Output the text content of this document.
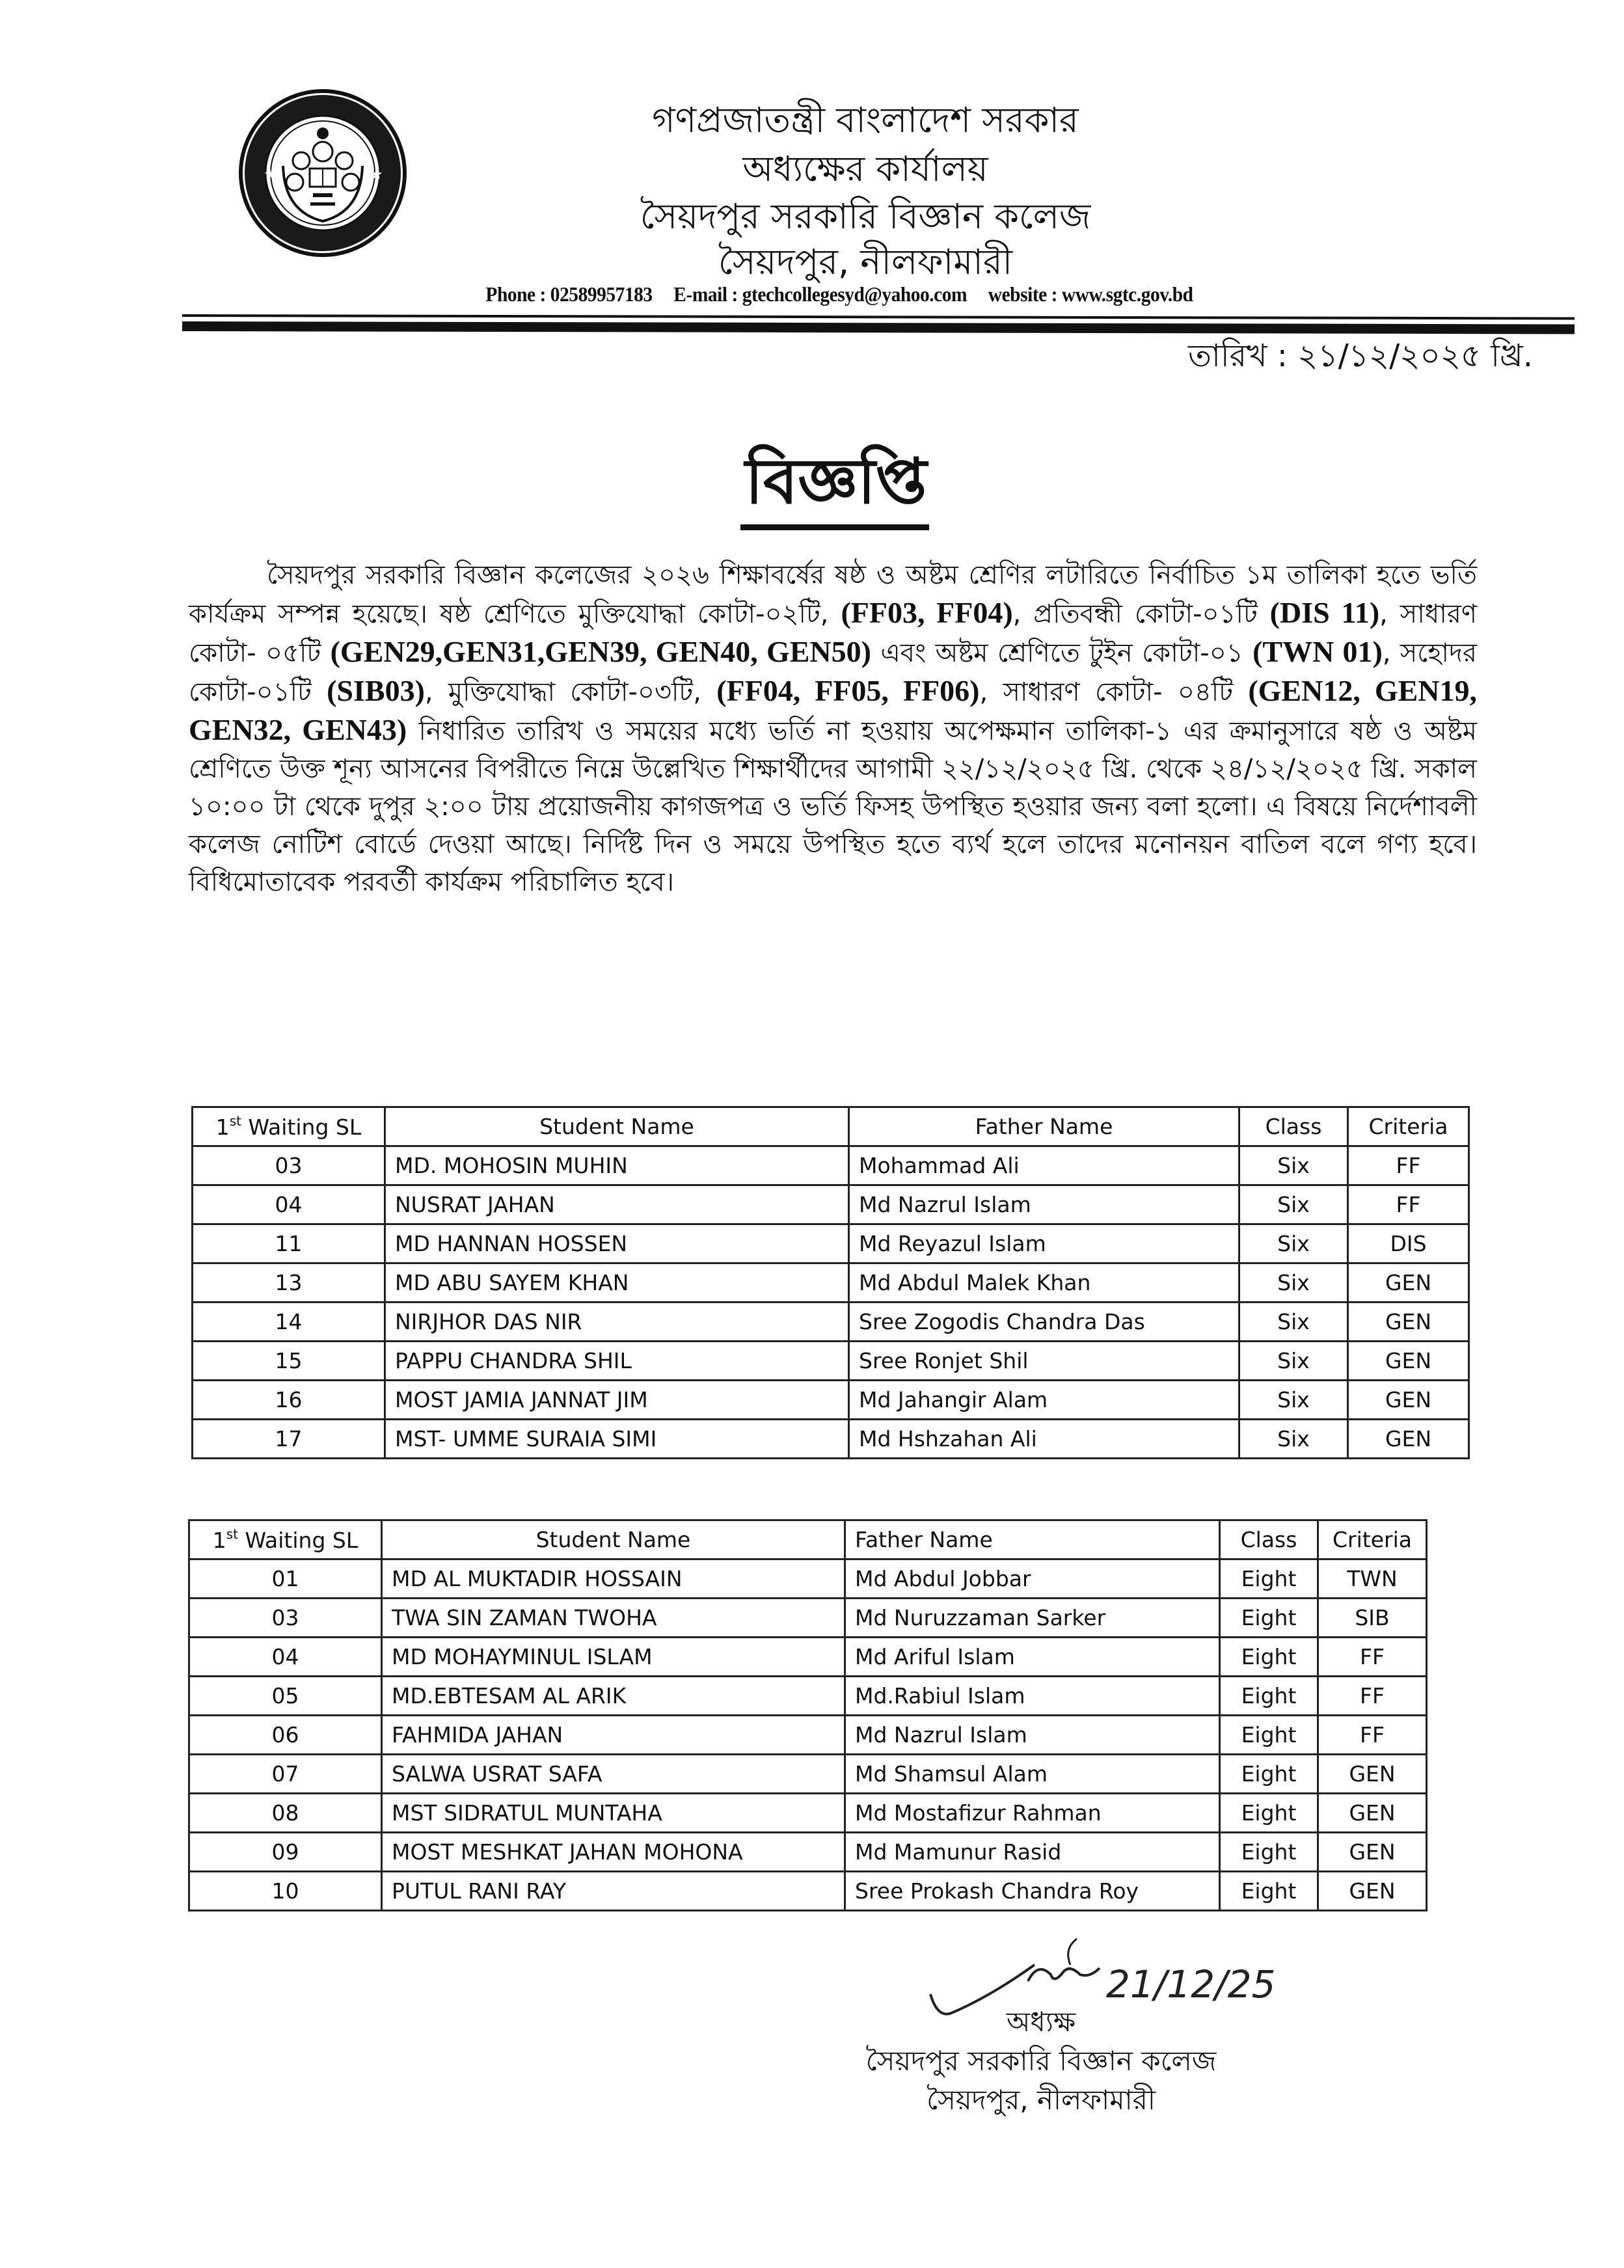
★	★
গণপ্রজাতন্ত্রী বাংলাদেশ সরকার
অধ্যক্ষের কার্যালয়
সৈয়দপুর সরকারি বিজ্ঞান কলেজ
সৈয়দপুর, নীলফামারী
Phone : 02589957183 E-mail : gtechcollegesyd@yahoo.com website : www.sgtc.gov.bd
তারিখ : ২১/১২/২০২৫ খ্রি.
বিজ্ঞপ্তি
সৈয়দপুর সরকারি বিজ্ঞান কলেজের ২০২৬ শিক্ষাবর্ষের ষষ্ঠ ও অষ্টম শ্রেণির লটারিতে নির্বাচিত ১ম তালিকা হতে ভর্তি কার্যক্রম সম্পন্ন হয়েছে। ষষ্ঠ শ্রেণিতে মুক্তিযোদ্ধা কোটা-০২টি, (FF03, FF04), প্রতিবন্ধী কোটা-০১টি (DIS 11), সাধারণ কোটা- ০৫টি (GEN29,GEN31,GEN39, GEN40, GEN50) এবং অষ্টম শ্রেণিতে টুইন কোটা-০১ (TWN 01), সহোদর কোটা-০১টি (SIB03), মুক্তিযোদ্ধা কোটা-০৩টি, (FF04, FF05, FF06), সাধারণ কোটা- ০৪টি (GEN12, GEN19, GEN32, GEN43) নিধারিত তারিখ ও সময়ের মধ্যে ভর্তি না হওয়ায় অপেক্ষমান তালিকা-১ এর ক্রমানুসারে ষষ্ঠ ও অষ্টম শ্রেণিতে উক্ত শূন্য আসনের বিপরীতে নিম্নে উল্লেখিত শিক্ষার্থীদের আগামী ২২/১২/২০২৫ খ্রি. থেকে ২৪/১২/২০২৫ খ্রি. সকাল ১০:০০ টা থেকে দুপুর ২:০০ টায় প্রয়োজনীয় কাগজপত্র ও ভর্তি ফিসহ উপস্থিত হওয়ার জন্য বলা হলো। এ বিষয়ে নির্দেশাবলী কলেজ নোটিশ বোর্ডে দেওয়া আছে। নির্দিষ্ট দিন ও সময়ে উপস্থিত হতে ব্যর্থ হলে তাদের মনোনয়ন বাতিল বলে গণ্য হবে। বিধিমোতাবেক পরবর্তী কার্যক্রম পরিচালিত হবে।
1st Waiting SL	Student Name	Father Name	Class	Criteria
03	MD. MOHOSIN MUHIN	Mohammad Ali	Six	FF
04	NUSRAT JAHAN	Md Nazrul Islam	Six	FF
11	MD HANNAN HOSSEN	Md Reyazul Islam	Six	DIS
13	MD ABU SAYEM KHAN	Md Abdul Malek Khan	Six	GEN
14	NIRJHOR DAS NIR	Sree Zogodis Chandra Das	Six	GEN
15	PAPPU CHANDRA SHIL	Sree Ronjet Shil	Six	GEN
16	MOST JAMIA JANNAT JIM	Md Jahangir Alam	Six	GEN
17	MST- UMME SURAIA SIMI	Md Hshzahan Ali	Six	GEN
1st Waiting SL	Student Name	Father Name	Class	Criteria
01	MD AL MUKTADIR HOSSAIN	Md Abdul Jobbar	Eight	TWN
03	TWA SIN ZAMAN TWOHA	Md Nuruzzaman Sarker	Eight	SIB
04	MD MOHAYMINUL ISLAM	Md Ariful Islam	Eight	FF
05	MD.EBTESAM AL ARIK	Md.Rabiul Islam	Eight	FF
06	FAHMIDA JAHAN	Md Nazrul Islam	Eight	FF
07	SALWA USRAT SAFA	Md Shamsul Alam	Eight	GEN
08	MST SIDRATUL MUNTAHA	Md Mostafizur Rahman	Eight	GEN
09	MOST MESHKAT JAHAN MOHONA	Md Mamunur Rasid	Eight	GEN
10	PUTUL RANI RAY	Sree Prokash Chandra Roy	Eight	GEN
21/12/25
অধ্যক্ষ
সৈয়দপুর সরকারি বিজ্ঞান কলেজ
সৈয়দপুর, নীলফামারী
